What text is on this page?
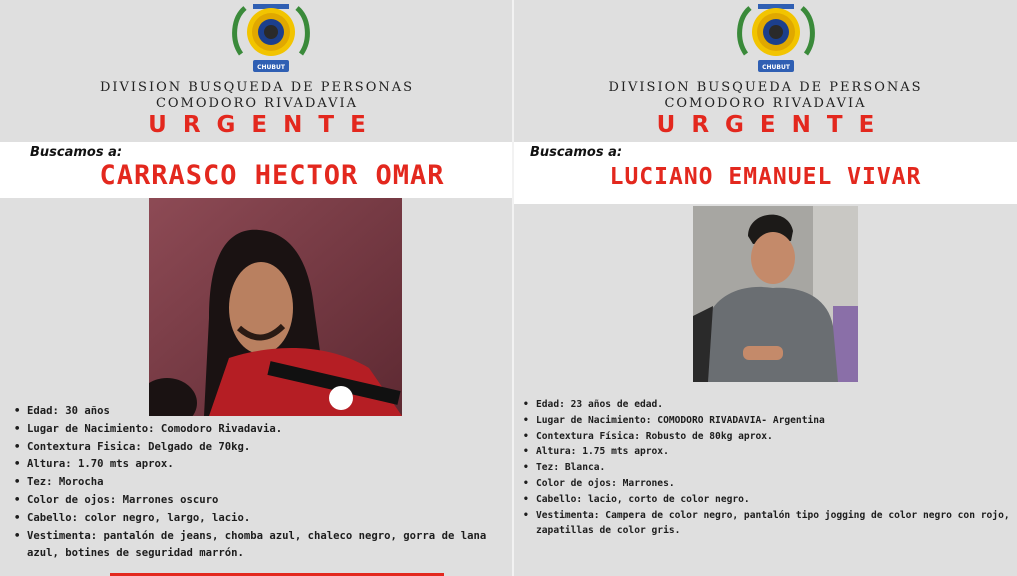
CHUBUT
DIVISION BUSQUEDA DE PERSONAS
COMODORO RIVADAVIA
URGENTE
Buscamos a:
CARRASCO HECTOR OMAR
• Edad: 30 años
• Lugar de Nacimiento: Comodoro Rivadavia.
• Contextura Fisica: Delgado de 70kg.
• Altura: 1.70 mts aprox.
• Tez: Morocha
• Color de ojos: Marrones oscuro
• Cabello: color negro, largo, lacio.
• Vestimenta: pantalón de jeans, chomba azul, chaleco negro, gorra de lana azul, botines de seguridad marrón.
CHUBUT
DIVISION BUSQUEDA DE PERSONAS
COMODORO RIVADAVIA
URGENTE
Buscamos a:
LUCIANO EMANUEL VIVAR
• Edad: 23 años de edad.
• Lugar de Nacimiento: COMODORO RIVADAVIA- Argentina
• Contextura Física: Robusto de 80kg aprox.
• Altura: 1.75 mts aprox.
• Tez: Blanca.
• Color de ojos: Marrones.
• Cabello: lacio, corto de color negro.
• Vestimenta: Campera de color negro, pantalón tipo jogging de color negro con rojo, zapatillas de color gris.
